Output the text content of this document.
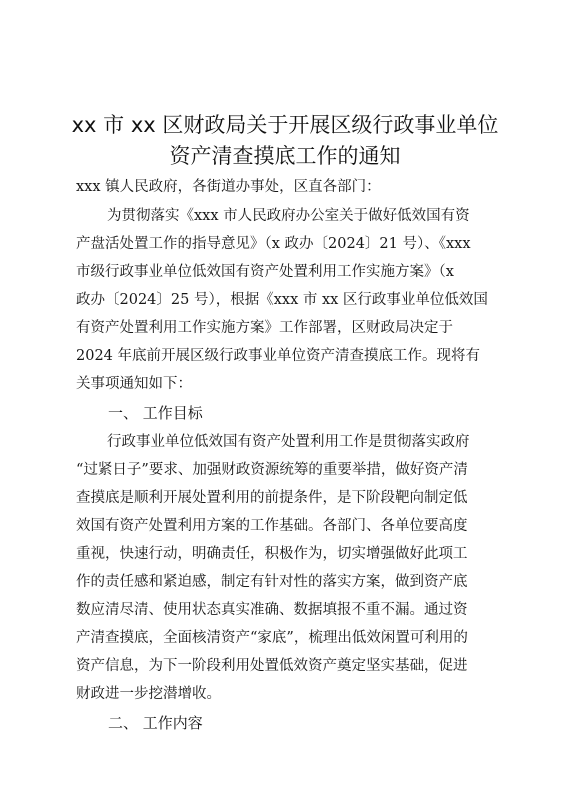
xx 市 xx 区财政局关于开展区级行政事业单位
资产清查摸底工作的通知
xxx 镇人民政府，各街道办事处，区直各部门：
为贯彻落实《xxx 市人民政府办公室关于做好低效国有资
产盘活处置工作的指导意见》（x 政办〔2024〕21 号）、《xxx
市级行政事业单位低效国有资产处置利用工作实施方案》（x
政办〔2024〕25 号），根据《xxx 市 xx 区行政事业单位低效国
有资产处置利用工作实施方案》工作部署，区财政局决定于
2024 年底前开展区级行政事业单位资产清查摸底工作。现将有
关事项通知如下：
一、 工作目标
行政事业单位低效国有资产处置利用工作是贯彻落实政府
“过紧日子”要求、加强财政资源统筹的重要举措，做好资产清
查摸底是顺利开展处置利用的前提条件，是下阶段靶向制定低
效国有资产处置利用方案的工作基础。各部门、各单位要高度
重视，快速行动，明确责任，积极作为，切实增强做好此项工
作的责任感和紧迫感，制定有针对性的落实方案，做到资产底
数应清尽清、使用状态真实准确、数据填报不重不漏。通过资
产清查摸底，全面核清资产“家底”，梳理出低效闲置可利用的
资产信息，为下一阶段利用处置低效资产奠定坚实基础，促进
财政进一步挖潜增收。
二、 工作内容
